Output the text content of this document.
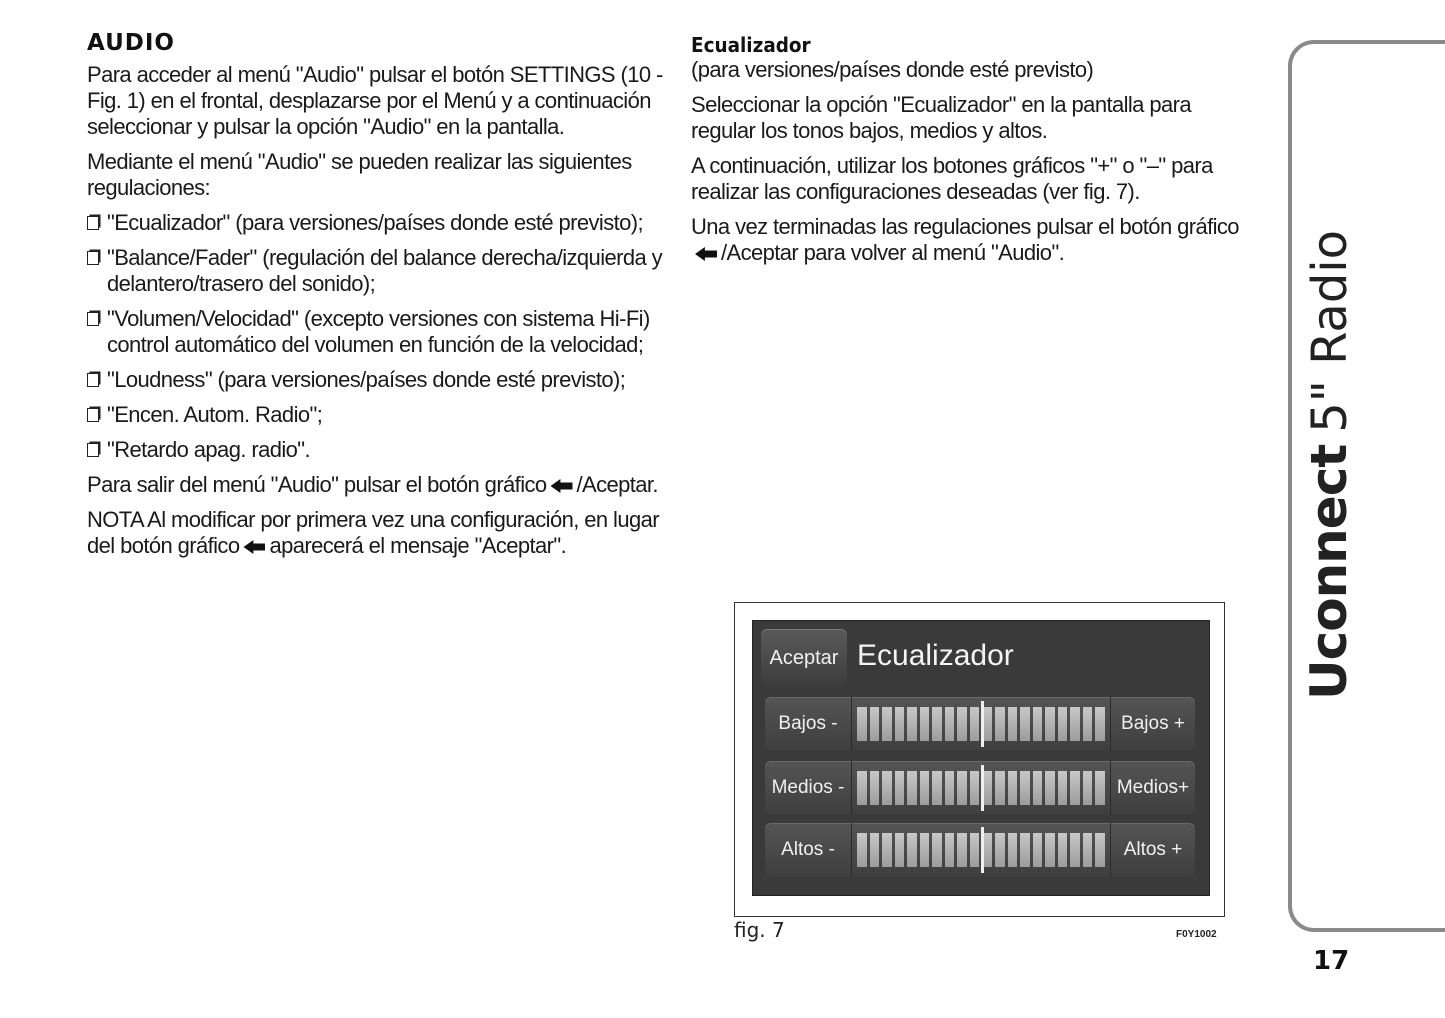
AUDIO

Para acceder al menú "Audio" pulsar el botón SETTINGS (10 - Fig. 1) en el frontal, desplazarse por el Menú y a continuación seleccionar y pulsar la opción "Audio" en la pantalla.

Mediante el menú "Audio" se pueden realizar las siguientes regulaciones:

"Ecualizador" (para versiones/países donde esté previsto);
"Balance/Fader" (regulación del balance derecha/izquierda y delantero/trasero del sonido);
"Volumen/Velocidad" (excepto versiones con sistema Hi-Fi) control automático del volumen en función de la velocidad;
"Loudness" (para versiones/países donde esté previsto);
"Encen. Autom. Radio";
"Retardo apag. radio".

Para salir del menú "Audio" pulsar el botón gráfico /Aceptar.

NOTA Al modificar por primera vez una configuración, en lugar del botón gráfico aparecerá el mensaje "Aceptar".

Ecualizador

(para versiones/países donde esté previsto)

Seleccionar la opción "Ecualizador" en la pantalla para regular los tonos bajos, medios y altos.

A continuación, utilizar los botones gráficos "+" o "–" para realizar las configuraciones deseadas (ver fig. 7).

Una vez terminadas las regulaciones pulsar el botón gráfico
/Aceptar para volver al menú "Audio".

Aceptar Ecualizador
Bajos -	Bajos +
Medios -	Medios+
Altos -	Altos +
fig. 7	F0Y1002
Uconnect5" Radio
17
